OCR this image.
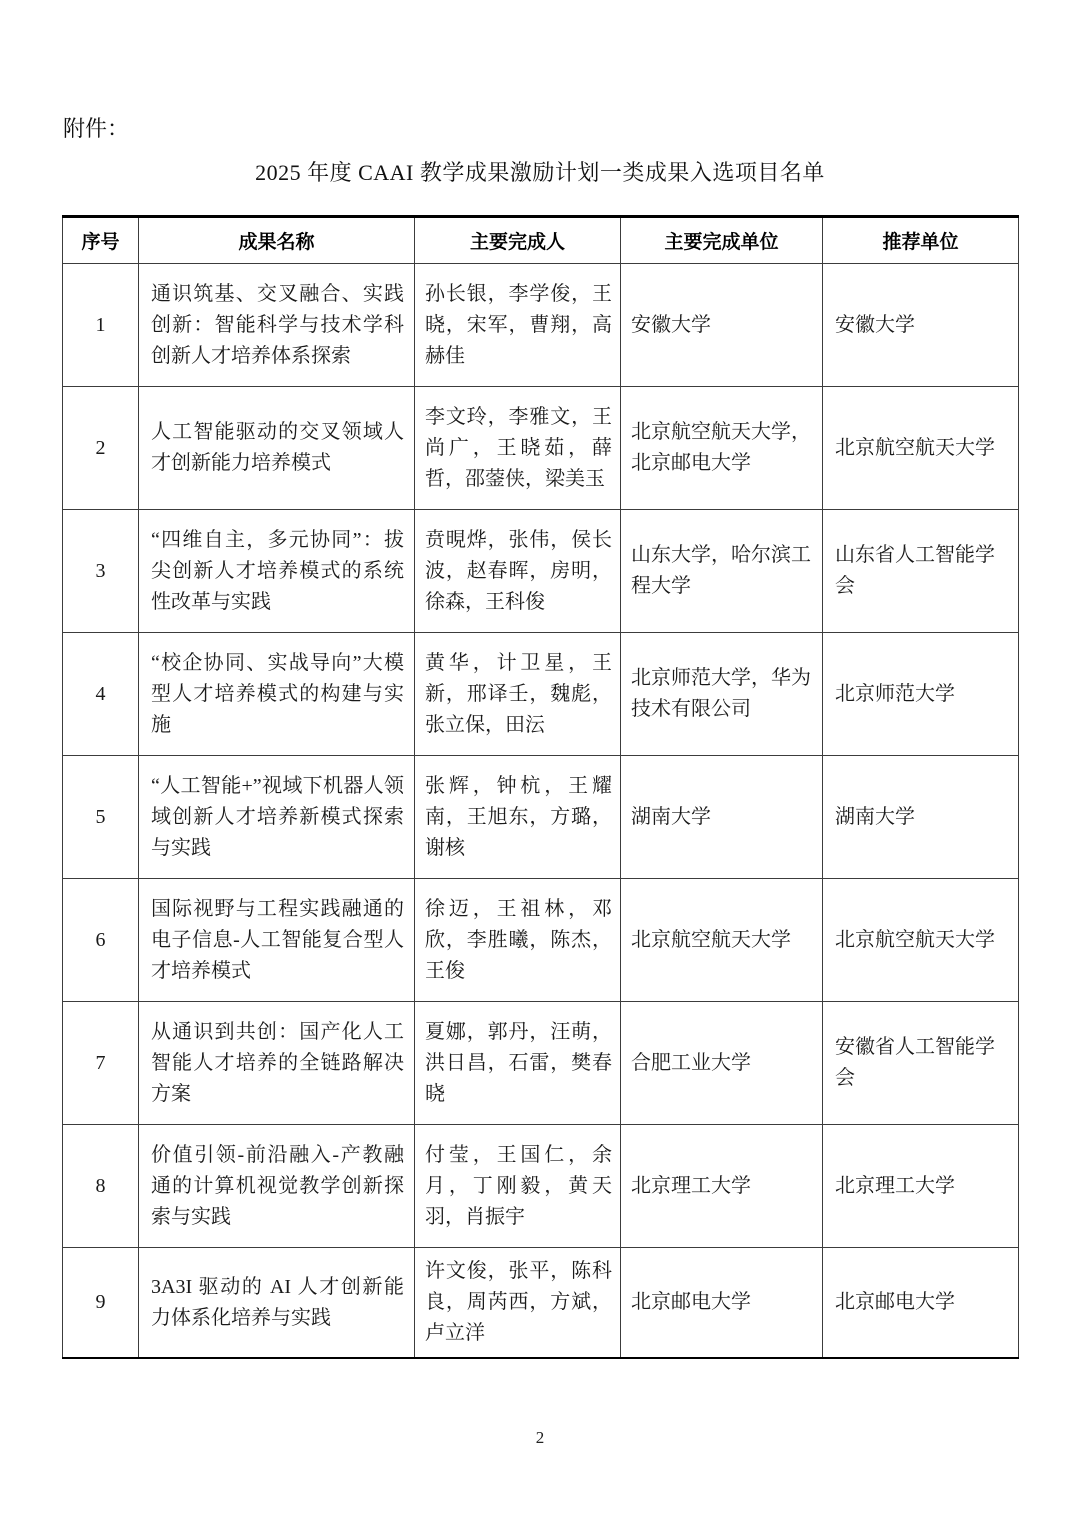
附件：
2025 年度 CAAI 教学成果激励计划一类成果入选项目名单
序号	成果名称	主要完成人	主要完成单位	推荐单位
1	通识筑基、交叉融合、实践创新：智能科学与技术学科创新人才培养体系探索	孙长银，李学俊，王晓，宋军，曹翔，高赫佳	安徽大学	安徽大学
2	人工智能驱动的交叉领域人才创新能力培养模式	李文玲，李雅文，王尚广，王晓茹，薛哲，邵蓥侠，梁美玉	北京航空航天大学，北京邮电大学	北京航空航天大学
3	“四维自主，多元协同”：拔尖创新人才培养模式的系统性改革与实践	贲晛烨，张伟，侯长波，赵春晖，房明，徐森，王科俊	山东大学，哈尔滨工程大学	山东省人工智能学会
4	“校企协同、实战导向”大模型人才培养模式的构建与实施	黄华，计卫星，王新，邢译壬，魏彪，张立保，田沄	北京师范大学，华为技术有限公司	北京师范大学
5	“人工智能+”视域下机器人领域创新人才培养新模式探索与实践	张辉，钟杭，王耀南，王旭东，方璐，谢核	湖南大学	湖南大学
6	国际视野与工程实践融通的电子信息-人工智能复合型人才培养模式	徐迈，王祖林，邓欣，李胜曦，陈杰，王俊	北京航空航天大学	北京航空航天大学
7	从通识到共创：国产化人工智能人才培养的全链路解决方案	夏娜，郭丹，汪萌，洪日昌，石雷，樊春晓	合肥工业大学	安徽省人工智能学会
8	价值引领-前沿融入-产教融通的计算机视觉教学创新探索与实践	付莹，王国仁，余月，丁刚毅，黄天羽，肖振宇	北京理工大学	北京理工大学
9	3A3I 驱动的 AI 人才创新能力体系化培养与实践	许文俊，张平，陈科良，周芮西，方斌，卢立洋	北京邮电大学	北京邮电大学
2
